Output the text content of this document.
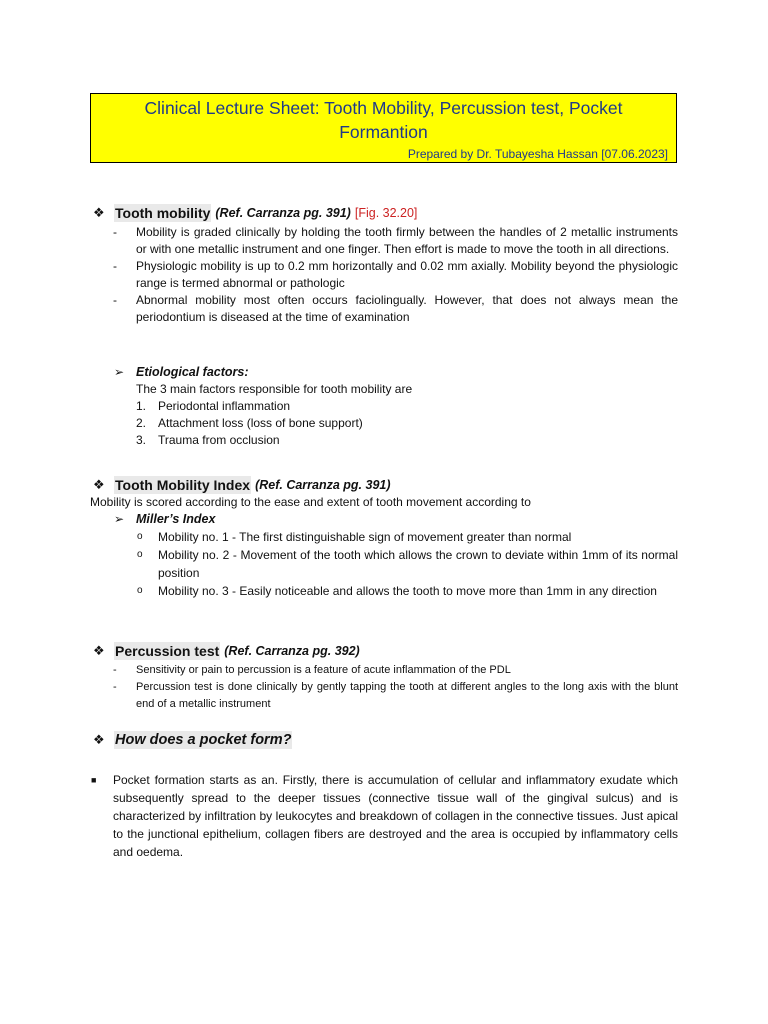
Clinical Lecture Sheet: Tooth Mobility, Percussion test, Pocket Formantion
Prepared by Dr. Tubayesha Hassan [07.06.2023]
❖ Tooth mobility (Ref. Carranza pg. 391) [Fig. 32.20]
- Mobility is graded clinically by holding the tooth firmly between the handles of 2 metallic instruments or with one metallic instrument and one finger. Then effort is made to move the tooth in all directions.
- Physiologic mobility is up to 0.2 mm horizontally and 0.02 mm axially. Mobility beyond the physiologic range is termed abnormal or pathologic
- Abnormal mobility most often occurs faciolingually. However, that does not always mean the periodontium is diseased at the time of examination
➢ Etiological factors:
The 3 main factors responsible for tooth mobility are
1. Periodontal inflammation
2. Attachment loss (loss of bone support)
3. Trauma from occlusion
❖ Tooth Mobility Index (Ref. Carranza pg. 391)
Mobility is scored according to the ease and extent of tooth movement according to
➢ Miller’s Index
o Mobility no. 1 - The first distinguishable sign of movement greater than normal
o Mobility no. 2 - Movement of the tooth which allows the crown to deviate within 1mm of its normal position
o Mobility no. 3 - Easily noticeable and allows the tooth to move more than 1mm in any direction
❖ Percussion test (Ref. Carranza pg. 392)
- Sensitivity or pain to percussion is a feature of acute inflammation of the PDL
- Percussion test is done clinically by gently tapping the tooth at different angles to the long axis with the blunt end of a metallic instrument
❖ How does a pocket form?
■ Pocket formation starts as an. Firstly, there is accumulation of cellular and inflammatory exudate which subsequently spread to the deeper tissues (connective tissue wall of the gingival sulcus) and is characterized by infiltration by leukocytes and breakdown of collagen in the connective tissues. Just apical to the junctional epithelium, collagen fibers are destroyed and the area is occupied by inflammatory cells and oedema.
